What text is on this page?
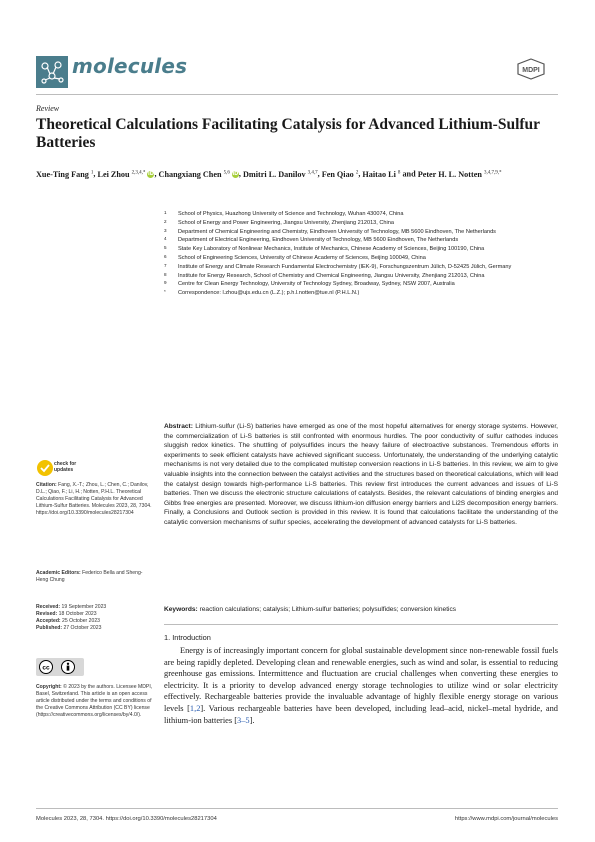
molecules	MDPI
Review
Theoretical Calculations Facilitating Catalysis for Advanced Lithium-Sulfur Batteries
Xue-Ting Fang $^1$, Lei Zhou $^{2,3,4,*}$ iD, Changxiang Chen $^{5,6}$ iD, Dmitri L. Danilov $^{3,4,7}$, Fen Qiao $^2$, Haitao Li $^8$ and Peter H. L. Notten $^{3,4,7,9,*}$
1 School of Physics, Huazhong University of Science and Technology, Wuhan 430074, China
2 School of Energy and Power Engineering, Jiangsu University, Zhenjiang 212013, China
3 Department of Chemical Engineering and Chemistry, Eindhoven University of Technology, MB 5600 Eindhoven, The Netherlands
4 Department of Electrical Engineering, Eindhoven University of Technology, MB 5600 Eindhoven, The Netherlands
5 State Key Laboratory of Nonlinear Mechanics, Institute of Mechanics, Chinese Academy of Sciences, Beijing 100190, China
6 School of Engineering Sciences, University of Chinese Academy of Sciences, Beijing 100049, China
7 Institute of Energy and Climate Research Fundamental Electrochemistry (IEK-9), Forschungszentrum Jülich, D-52425 Jülich, Germany
8 Institute for Energy Research, School of Chemistry and Chemical Engineering, Jiangsu University, Zhenjiang 212013, China
9 Centre for Clean Energy Technology, University of Technology Sydney, Broadway, Sydney, NSW 2007, Australia
* Correspondence: l.zhou@ujs.edu.cn (L.Z.); p.h.l.notten@tue.nl (P.H.L.N.)
check for
updates
Citation: Fang, X.-T.; Zhou, L.; Chen, C.; Danilov, D.L.; Qiao, F.; Li, H.; Notten, P.H.L. Theoretical Calculations Facilitating Catalysis for Advanced Lithium-Sulfur Batteries. Molecules 2023, 28, 7304. https://doi.org/10.3390/molecules28217304
Academic Editors: Federico Bella and Sheng-Heng Chung
Received: 19 September 2023
Revised: 18 October 2023
Accepted: 25 October 2023
Published: 27 October 2023
cc
Copyright: © 2023 by the authors. Licensee MDPI, Basel, Switzerland. This article is an open access article distributed under the terms and conditions of the Creative Commons Attribution (CC BY) license (https://creativecommons.org/licenses/by/4.0/).
Abstract: Lithium-sulfur (Li-S) batteries have emerged as one of the most hopeful alternatives for energy storage systems. However, the commercialization of Li-S batteries is still confronted with enormous hurdles. The poor conductivity of sulfur cathodes induces sluggish redox kinetics. The shuttling of polysulfides incurs the heavy failure of electroactive substances. Tremendous efforts in experiments to seek efficient catalysts have achieved significant success. Unfortunately, the understanding of the underlying catalytic mechanisms is not very detailed due to the complicated multistep conversion reactions in Li-S batteries. In this review, we aim to give valuable insights into the connection between the catalyst activities and the structures based on theoretical calculations, which will lead the catalyst design towards high-performance Li-S batteries. This review first introduces the current advances and issues of Li-S batteries. Then we discuss the electronic structure calculations of catalysts. Besides, the relevant calculations of binding energies and Gibbs free energies are presented. Moreover, we discuss lithium-ion diffusion energy barriers and Li2S decomposition energy barriers. Finally, a Conclusions and Outlook section is provided in this review. It is found that calculations facilitate the understanding of the catalytic conversion mechanisms of sulfur species, accelerating the development of advanced catalysts for Li-S batteries.
Keywords: reaction calculations; catalysis; Lithium-sulfur batteries; polysulfides; conversion kinetics
1. Introduction
Energy is of increasingly important concern for global sustainable development since non-renewable fossil fuels are being rapidly depleted. Developing clean and renewable energies, such as wind and solar, is essential to reducing greenhouse gas emissions. Intermittence and fluctuation are crucial challenges when converting these energies to electricity. It is a priority to develop advanced energy storage technologies to utilize wind or solar electricity effectively. Rechargeable batteries provide the invaluable advantage of highly flexible energy storage on various levels [1,2]. Various rechargeable batteries have been developed, including lead–acid, nickel–metal hydride, and lithium-ion batteries [3–5].
Molecules 2023, 28, 7304. https://doi.org/10.3390/molecules28217304	https://www.mdpi.com/journal/molecules
